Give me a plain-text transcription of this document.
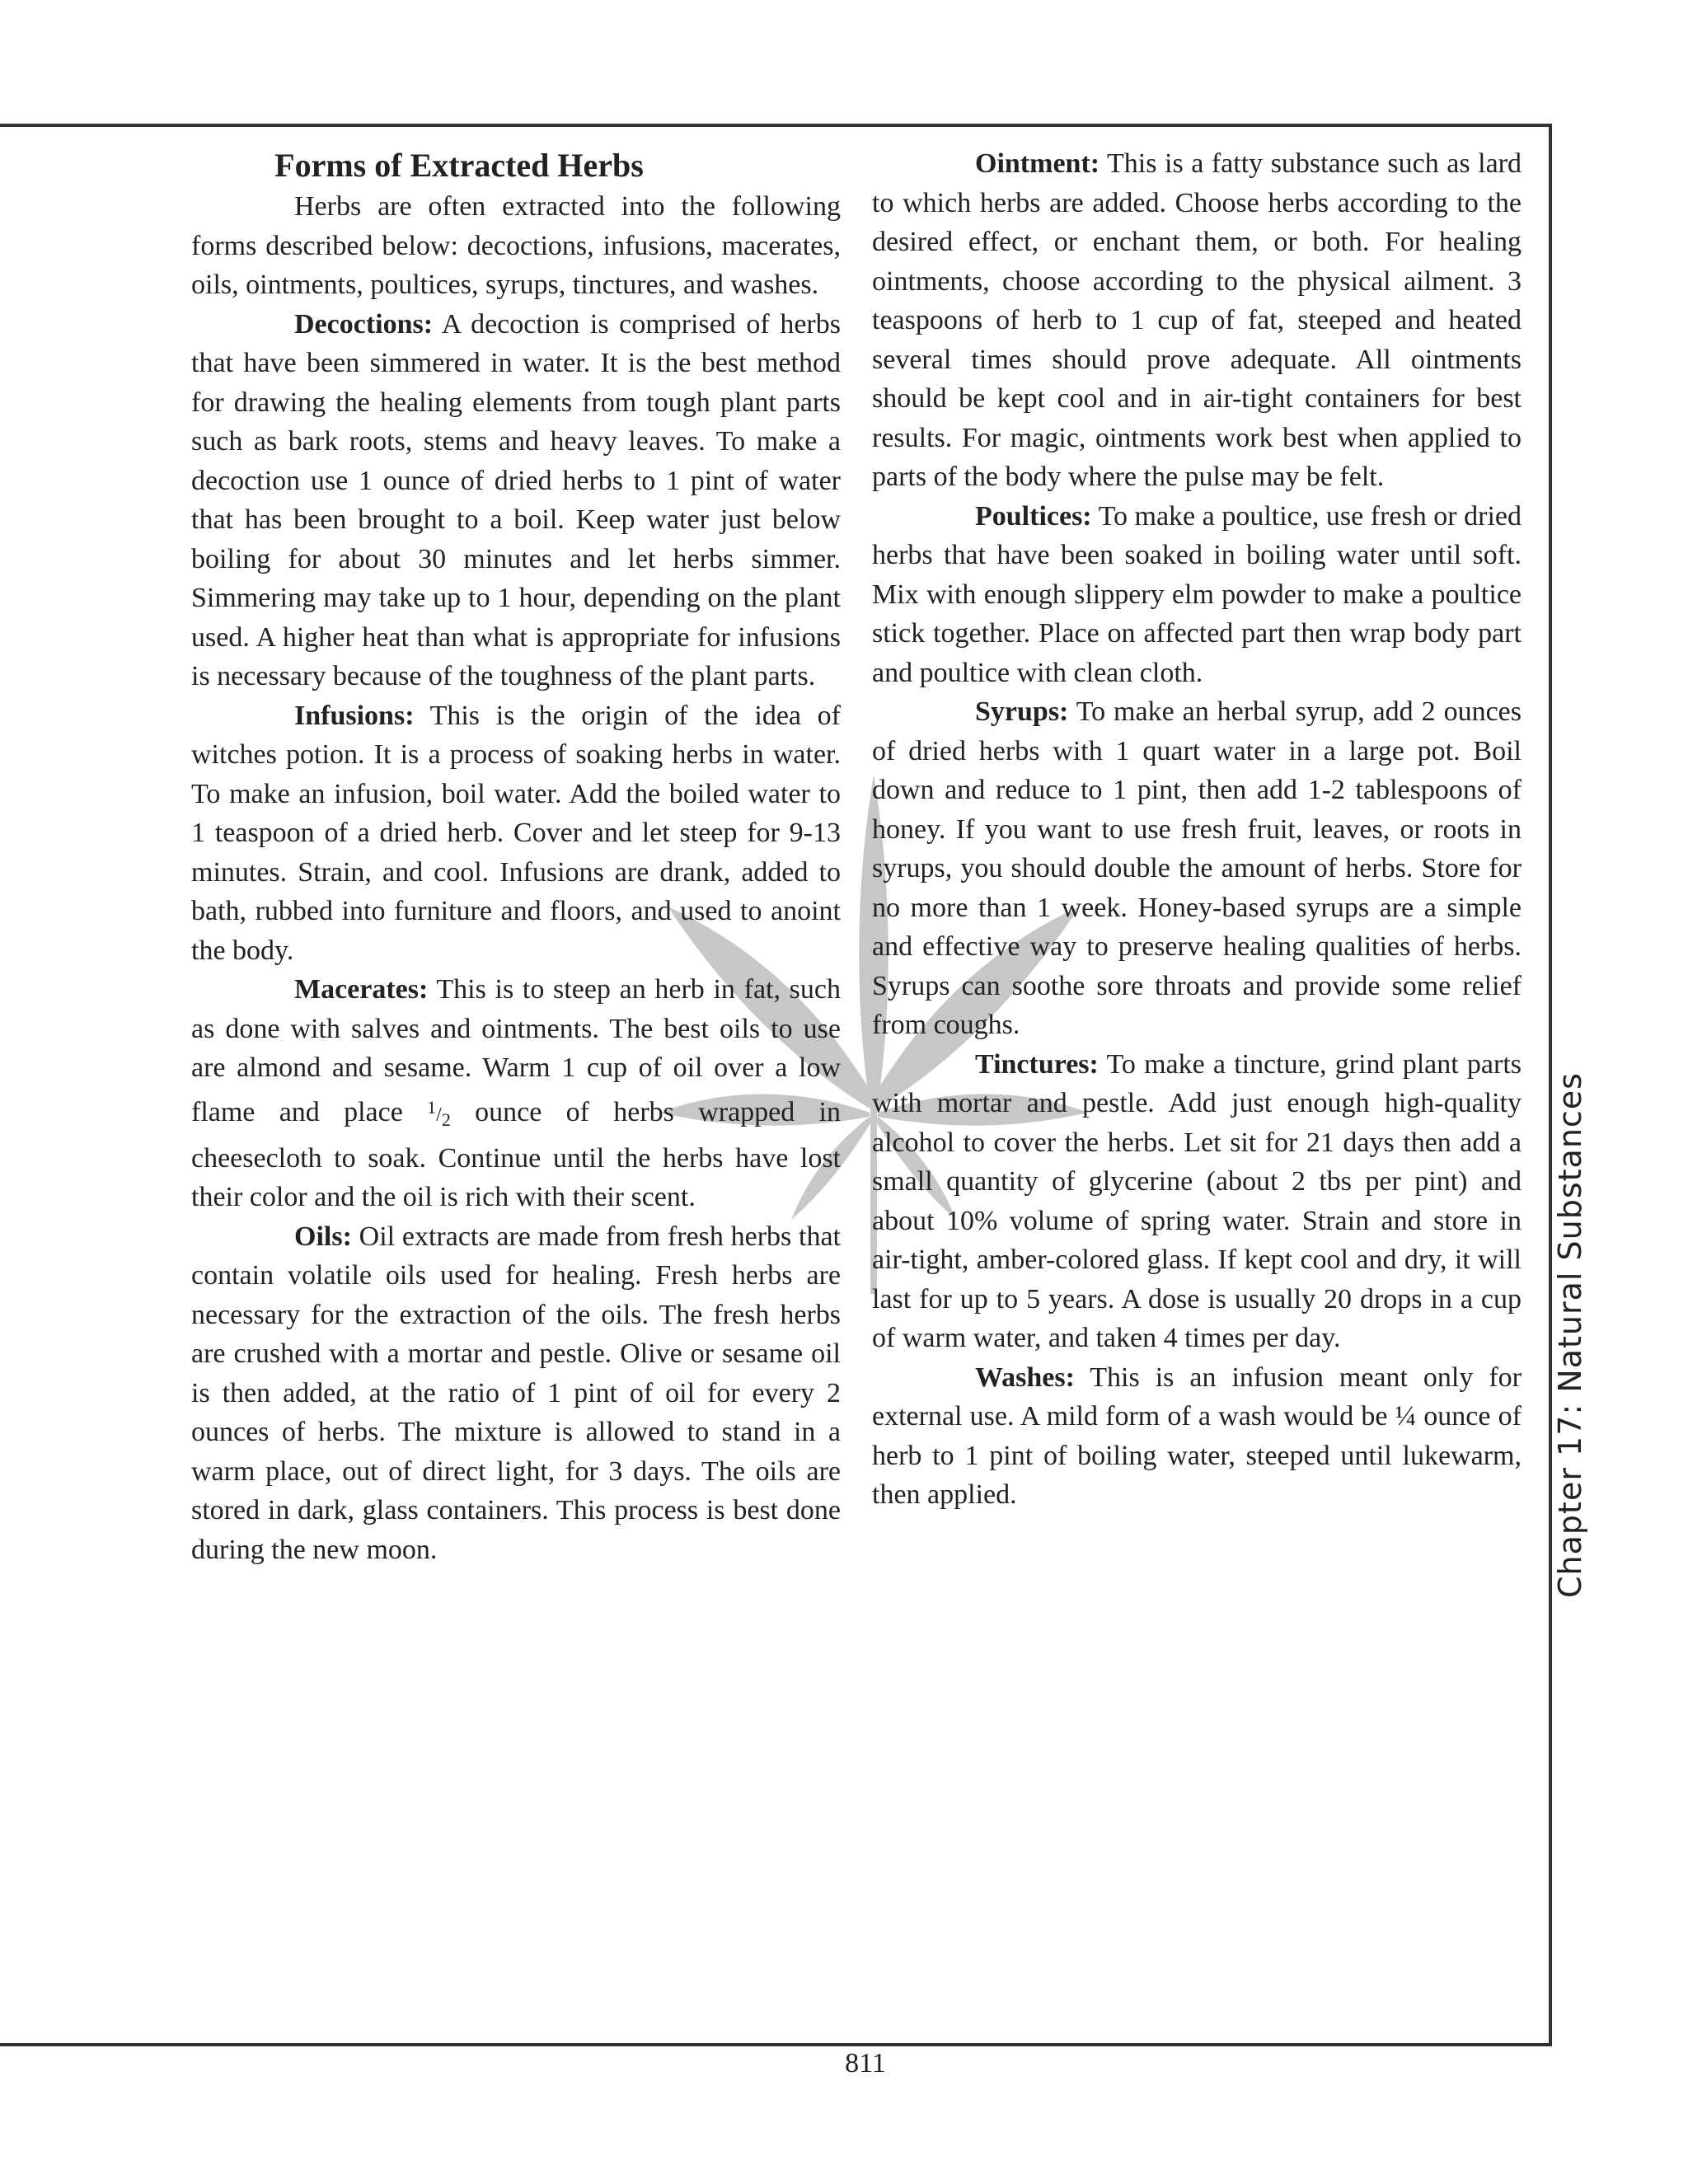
Forms of Extracted Herbs

Herbs are often extracted into the following forms described below: decoctions, infusions, macerates, oils, ointments, poultices, syrups, tinctures, and washes.

Decoctions: A decoction is comprised of herbs that have been simmered in water. It is the best method for drawing the healing elements from tough plant parts such as bark roots, stems and heavy leaves. To make a decoction use 1 ounce of dried herbs to 1 pint of water that has been brought to a boil. Keep water just below boiling for about 30 minutes and let herbs simmer. Simmering may take up to 1 hour, depending on the plant used. A higher heat than what is appropriate for infusions is necessary because of the toughness of the plant parts.

Infusions: This is the origin of the idea of witches potion. It is a process of soaking herbs in water. To make an infusion, boil water. Add the boiled water to 1 teaspoon of a dried herb. Cover and let steep for 9-13 minutes. Strain, and cool. Infusions are drank, added to bath, rubbed into furniture and floors, and used to anoint the body.

Macerates: This is to steep an herb in fat, such as done with salves and ointments. The best oils to use are almond and sesame. Warm 1 cup of oil over a low flame and place $^1/_2$ ounce of herbs wrapped in cheesecloth to soak. Continue until the herbs have lost their color and the oil is rich with their scent.

Oils: Oil extracts are made from fresh herbs that contain volatile oils used for healing. Fresh herbs are necessary for the extraction of the oils. The fresh herbs are crushed with a mortar and pestle. Olive or sesame oil is then added, at the ratio of 1 pint of oil for every 2 ounces of herbs. The mixture is allowed to stand in a warm place, out of direct light, for 3 days. The oils are stored in dark, glass containers. This process is best done during the new moon.

Ointment: This is a fatty substance such as lard to which herbs are added. Choose herbs according to the desired effect, or enchant them, or both. For healing ointments, choose according to the physical ailment. 3 teaspoons of herb to 1 cup of fat, steeped and heated several times should prove adequate. All ointments should be kept cool and in air-tight containers for best results. For magic, ointments work best when applied to parts of the body where the pulse may be felt.

Poultices: To make a poultice, use fresh or dried herbs that have been soaked in boiling water until soft. Mix with enough slippery elm powder to make a poultice stick together. Place on affected part then wrap body part and poultice with clean cloth.

Syrups: To make an herbal syrup, add 2 ounces of dried herbs with 1 quart water in a large pot. Boil down and reduce to 1 pint, then add 1-2 tablespoons of honey. If you want to use fresh fruit, leaves, or roots in syrups, you should double the amount of herbs. Store for no more than 1 week. Honey-based syrups are a simple and effective way to preserve healing qualities of herbs. Syrups can soothe sore throats and provide some relief from coughs.

Tinctures: To make a tincture, grind plant parts with mortar and pestle. Add just enough high-quality alcohol to cover the herbs. Let sit for 21 days then add a small quantity of glycerine (about 2 tbs per pint) and about 10% volume of spring water. Strain and store in air-tight, amber-colored glass. If kept cool and dry, it will last for up to 5 years. A dose is usually 20 drops in a cup of warm water, and taken 4 times per day.

Washes: This is an infusion meant only for external use. A mild form of a wash would be ¼ ounce of herb to 1 pint of boiling water, steeped until lukewarm, then applied.	Chapter 17: Natural Substances
811
